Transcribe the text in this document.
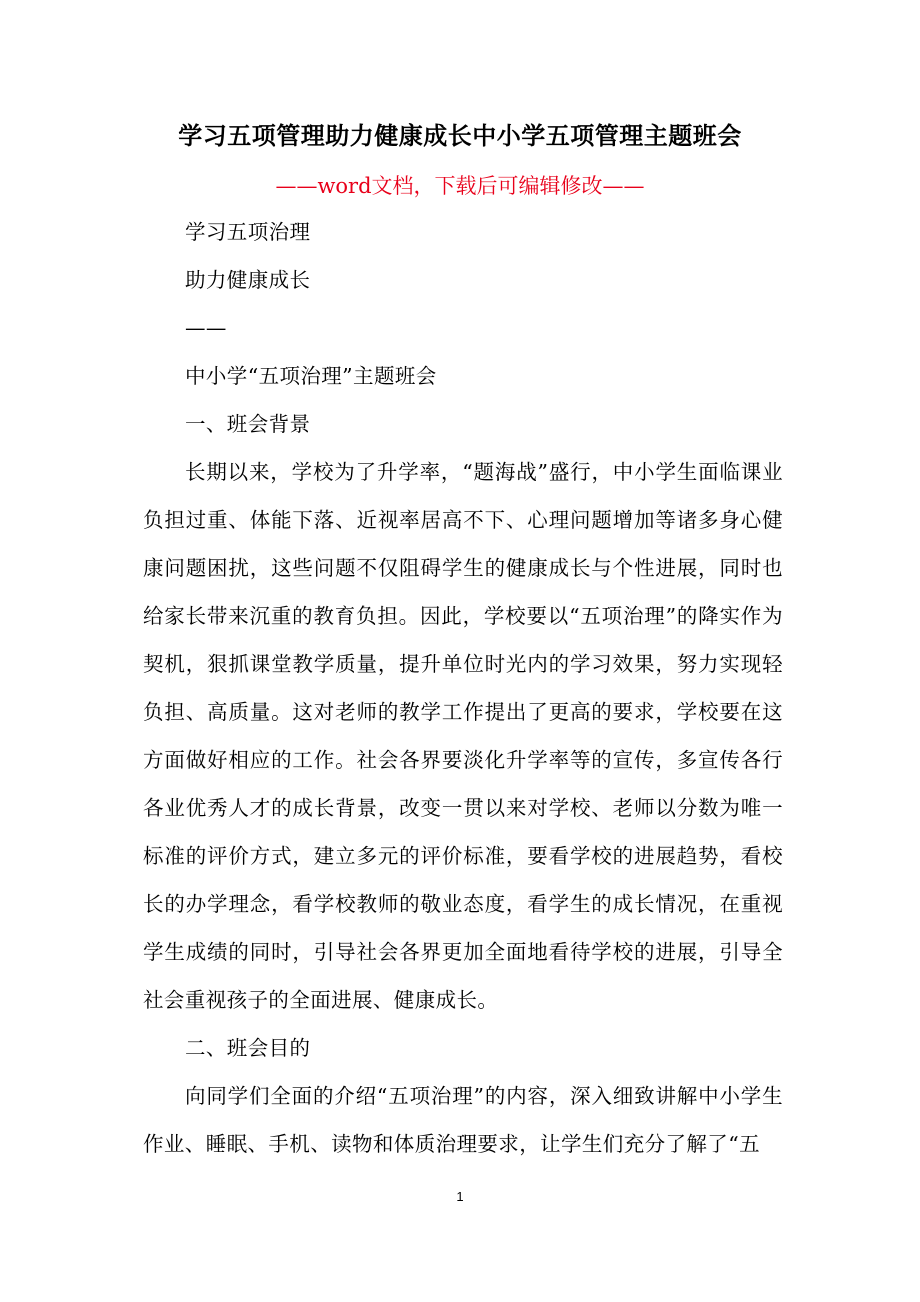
学习五项管理助力健康成长中小学五项管理主题班会
——word文档，下载后可编辑修改——

学习五项治理

助力健康成长

——

中小学“五项治理”主题班会

一、班会背景

长期以来，学校为了升学率，“题海战”盛行，中小学生面临课业负担过重、体能下落、近视率居高不下、心理问题增加等诸多身心健康问题困扰，这些问题不仅阻碍学生的健康成长与个性进展，同时也给家长带来沉重的教育负担。因此，学校要以“五项治理”的降实作为契机，狠抓课堂教学质量，提升单位时光内的学习效果，努力实现轻负担、高质量。这对老师的教学工作提出了更高的要求，学校要在这方面做好相应的工作。社会各界要淡化升学率等的宣传，多宣传各行各业优秀人才的成长背景，改变一贯以来对学校、老师以分数为唯一标准的评价方式，建立多元的评价标准，要看学校的进展趋势，看校长的办学理念，看学校教师的敬业态度，看学生的成长情况，在重视学生成绩的同时，引导社会各界更加全面地看待学校的进展，引导全社会重视孩子的全面进展、健康成长。

二、班会目的

向同学们全面的介绍“五项治理”的内容，深入细致讲解中小学生作业、睡眠、手机、读物和体质治理要求，让学生们充分了解了“五

1
